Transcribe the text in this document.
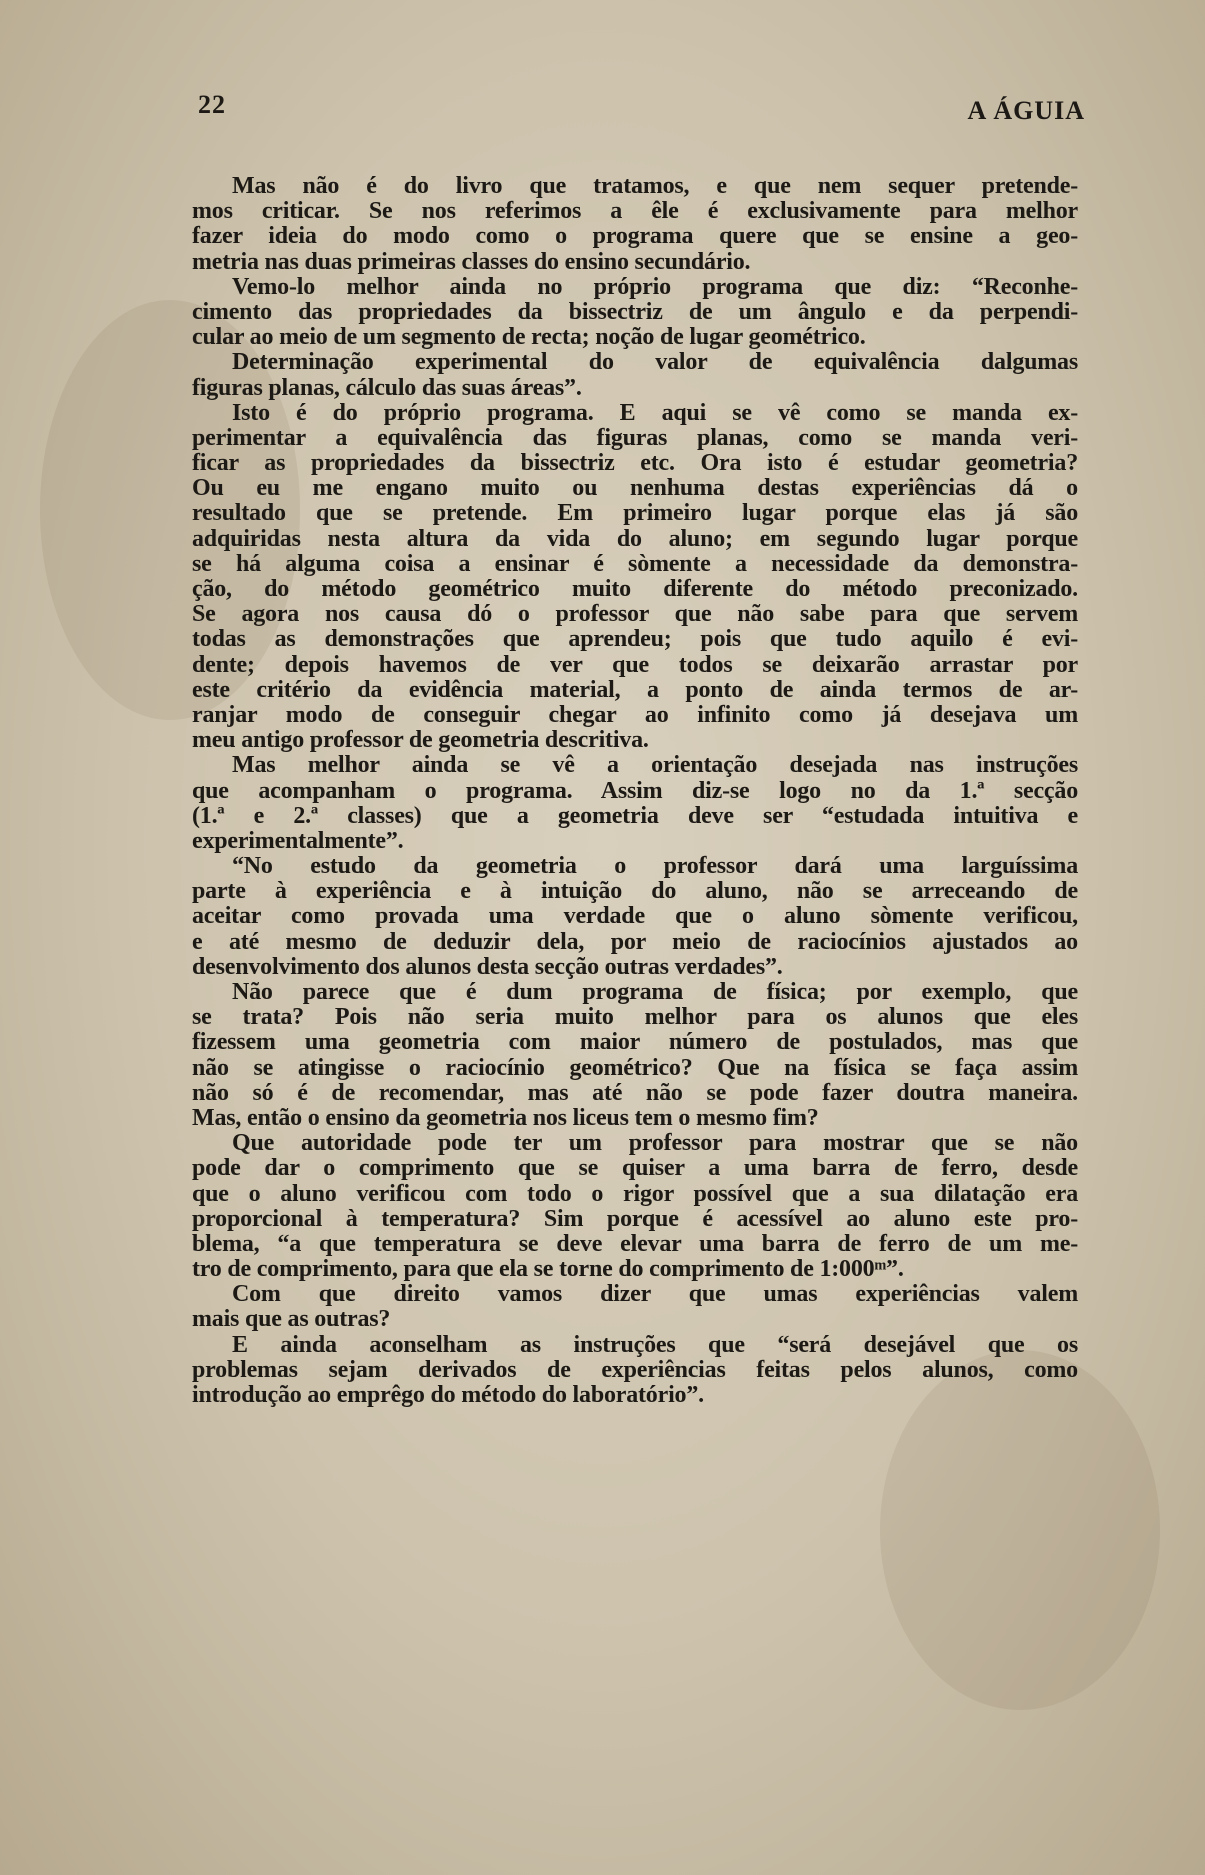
22	A ÁGUIA
Mas não é do livro que tratamos, e que nem sequer pretende-
mos criticar. Se nos referimos a êle é exclusivamente para melhor
fazer ideia do modo como o programa quere que se ensine a geo-
metria nas duas primeiras classes do ensino secundário.
Vemo-lo melhor ainda no próprio programa que diz: “Reconhe-
cimento das propriedades da bissectriz de um ângulo e da perpendi-
cular ao meio de um segmento de recta; noção de lugar geométrico.
Determinação experimental do valor de equivalência dalgumas
figuras planas, cálculo das suas áreas”.
Isto é do próprio programa. E aqui se vê como se manda ex-
perimentar a equivalência das figuras planas, como se manda veri-
ficar as propriedades da bissectriz etc. Ora isto é estudar geometria?
Ou eu me engano muito ou nenhuma destas experiências dá o
resultado que se pretende. Em primeiro lugar porque elas já são
adquiridas nesta altura da vida do aluno; em segundo lugar porque
se há alguma coisa a ensinar é sòmente a necessidade da demonstra-
ção, do método geométrico muito diferente do método preconizado.
Se agora nos causa dó o professor que não sabe para que servem
todas as demonstrações que aprendeu; pois que tudo aquilo é evi-
dente; depois havemos de ver que todos se deixarão arrastar por
este critério da evidência material, a ponto de ainda termos de ar-
ranjar modo de conseguir chegar ao infinito como já desejava um
meu antigo professor de geometria descritiva.
Mas melhor ainda se vê a orientação desejada nas instruções
que acompanham o programa. Assim diz-se logo no da 1.ª secção
(1.ª e 2.ª classes) que a geometria deve ser “estudada intuitiva e
experimentalmente”.
“No estudo da geometria o professor dará uma larguíssima
parte à experiência e à intuição do aluno, não se arreceando de
aceitar como provada uma verdade que o aluno sòmente verificou,
e até mesmo de deduzir dela, por meio de raciocínios ajustados ao
desenvolvimento dos alunos desta secção outras verdades”.
Não parece que é dum programa de física; por exemplo, que
se trata? Pois não seria muito melhor para os alunos que eles
fizessem uma geometria com maior número de postulados, mas que
não se atingisse o raciocínio geométrico? Que na física se faça assim
não só é de recomendar, mas até não se pode fazer doutra maneira.
Mas, então o ensino da geometria nos liceus tem o mesmo fim?
Que autoridade pode ter um professor para mostrar que se não
pode dar o comprimento que se quiser a uma barra de ferro, desde
que o aluno verificou com todo o rigor possível que a sua dilatação era
proporcional à temperatura? Sim porque é acessível ao aluno este pro-
blema, “a que temperatura se deve elevar uma barra de ferro de um me-
tro de comprimento, para que ela se torne do comprimento de 1:000ᵐ”.
Com que direito vamos dizer que umas experiências valem
mais que as outras?
E ainda aconselham as instruções que “será desejável que os
problemas sejam derivados de experiências feitas pelos alunos, como
introdução ao emprêgo do método do laboratório”.
